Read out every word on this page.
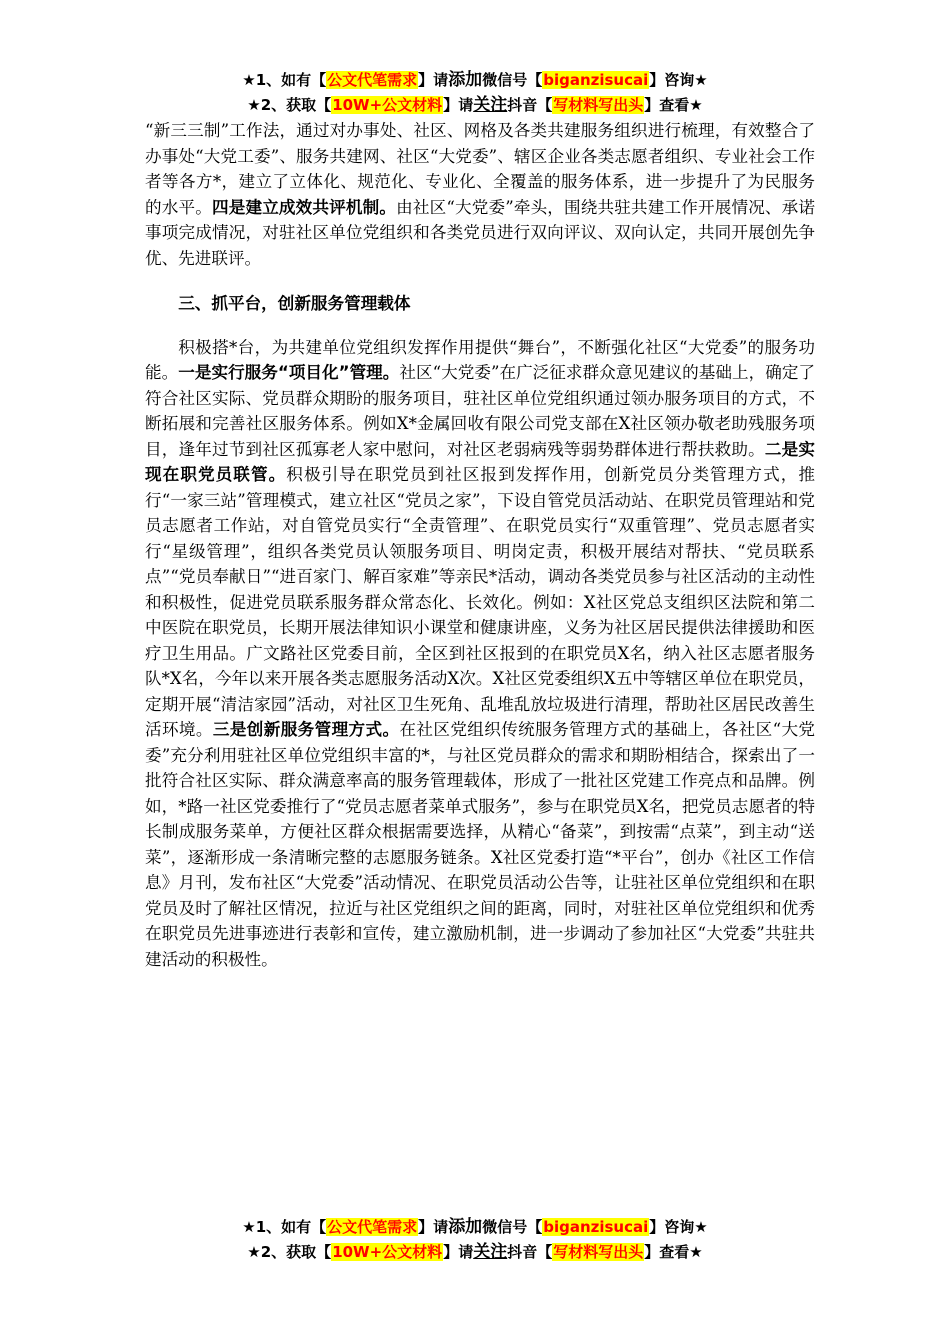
★1、如有【公文代笔需求】请添加微信号【biganzisucai】咨询★
★2、获取【10W+公文材料】请关注抖音【写材料写出头】查看★

“新三三制”工作法，通过对办事处、社区、网格及各类共建服务组织进行梳理，有效整合了办事处“大党工委”、服务共建网、社区“大党委”、辖区企业各类志愿者组织、专业社会工作者等各方*，建立了立体化、规范化、专业化、全覆盖的服务体系，进一步提升了为民服务的水平。四是建立成效共评机制。由社区“大党委”牵头，围绕共驻共建工作开展情况、承诺事项完成情况，对驻社区单位党组织和各类党员进行双向评议、双向认定，共同开展创先争优、先进联评。

三、抓平台，创新服务管理载体

积极搭*台，为共建单位党组织发挥作用提供“舞台”，不断强化社区“大党委”的服务功能。一是实行服务“项目化”管理。社区“大党委”在广泛征求群众意见建议的基础上，确定了符合社区实际、党员群众期盼的服务项目，驻社区单位党组织通过领办服务项目的方式，不断拓展和完善社区服务体系。例如X*金属回收有限公司党支部在X社区领办敬老助残服务项目，逢年过节到社区孤寡老人家中慰问，对社区老弱病残等弱势群体进行帮扶救助。二是实现在职党员联管。积极引导在职党员到社区报到发挥作用，创新党员分类管理方式，推行“一家三站”管理模式，建立社区“党员之家”，下设自管党员活动站、在职党员管理站和党员志愿者工作站，对自管党员实行“全责管理”、在职党员实行“双重管理”、党员志愿者实行“星级管理”，组织各类党员认领服务项目、明岗定责，积极开展结对帮扶、“党员联系点”“党员奉献日”“进百家门、解百家难”等亲民*活动，调动各类党员参与社区活动的主动性和积极性，促进党员联系服务群众常态化、长效化。例如：X社区党总支组织区法院和第二中医院在职党员，长期开展法律知识小课堂和健康讲座，义务为社区居民提供法律援助和医疗卫生用品。广文路社区党委目前，全区到社区报到的在职党员X名，纳入社区志愿者服务队*X名，今年以来开展各类志愿服务活动X次。X社区党委组织X五中等辖区单位在职党员，定期开展“清洁家园”活动，对社区卫生死角、乱堆乱放垃圾进行清理，帮助社区居民改善生活环境。三是创新服务管理方式。在社区党组织传统服务管理方式的基础上，各社区“大党委”充分利用驻社区单位党组织丰富的*，与社区党员群众的需求和期盼相结合，探索出了一批符合社区实际、群众满意率高的服务管理载体，形成了一批社区党建工作亮点和品牌。例如，*路一社区党委推行了“党员志愿者菜单式服务”，参与在职党员X名，把党员志愿者的特长制成服务菜单，方便社区群众根据需要选择，从精心“备菜”，到按需“点菜”，到主动“送菜”，逐渐形成一条清晰完整的志愿服务链条。X社区党委打造“*平台”，创办《社区工作信息》月刊，发布社区“大党委”活动情况、在职党员活动公告等，让驻社区单位党组织和在职党员及时了解社区情况，拉近与社区党组织之间的距离，同时，对驻社区单位党组织和优秀在职党员先进事迹进行表彰和宣传，建立激励机制，进一步调动了参加社区“大党委”共驻共建活动的积极性。

★1、如有【公文代笔需求】请添加微信号【biganzisucai】咨询★
★2、获取【10W+公文材料】请关注抖音【写材料写出头】查看★
